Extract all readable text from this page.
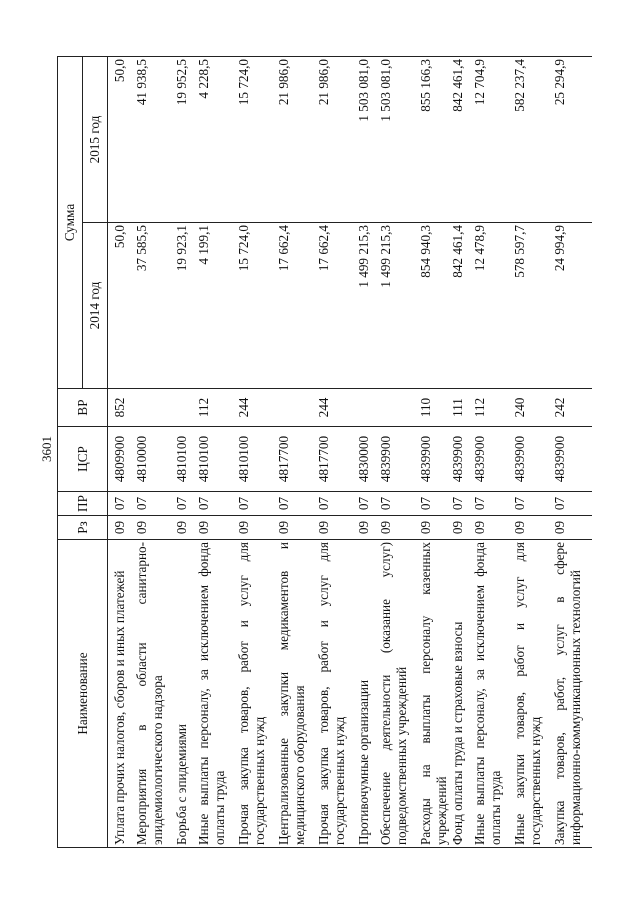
3601
Наименование	Рз	ПР	ЦСР	ВР	Сумма	
					2014 год	2015 год
Уплата прочих налогов, сборов и иных платежей	09	07	4809900	852	50,0	50,0
Мероприятия в области санитарно-эпидемиологического надзора	09	07	4810000		37 585,5	41 938,5
Борьба с эпидемиями	09	07	4810100		19 923,1	19 952,5
Иные выплаты персоналу, за исключением фонда оплаты труда	09	07	4810100	112	4 199,1	4 228,5
Прочая закупка товаров, работ и услуг для государственных нужд	09	07	4810100	244	15 724,0	15 724,0
Централизованные закупки медикаментов и медицинского оборудования	09	07	4817700		17 662,4	21 986,0
Прочая закупка товаров, работ и услуг для государственных нужд	09	07	4817700	244	17 662,4	21 986,0
Противочумные организации	09	07	4830000		1 499 215,3	1 503 081,0
Обеспечение деятельности (оказание услуг) подведомственных учреждений	09	07	4839900		1 499 215,3	1 503 081,0
Расходы на выплаты персоналу казенных учреждений	09	07	4839900	110	854 940,3	855 166,3
Фонд оплаты труда и страховые взносы	09	07	4839900	111	842 461,4	842 461,4
Иные выплаты персоналу, за исключением фонда оплаты труда	09	07	4839900	112	12 478,9	12 704,9
Иные закупки товаров, работ и услуг для государственных нужд	09	07	4839900	240	578 597,7	582 237,4
Закупка товаров, работ, услуг в сфере информационно-коммуникационных технологий	09	07	4839900	242	24 994,9	25 294,9
